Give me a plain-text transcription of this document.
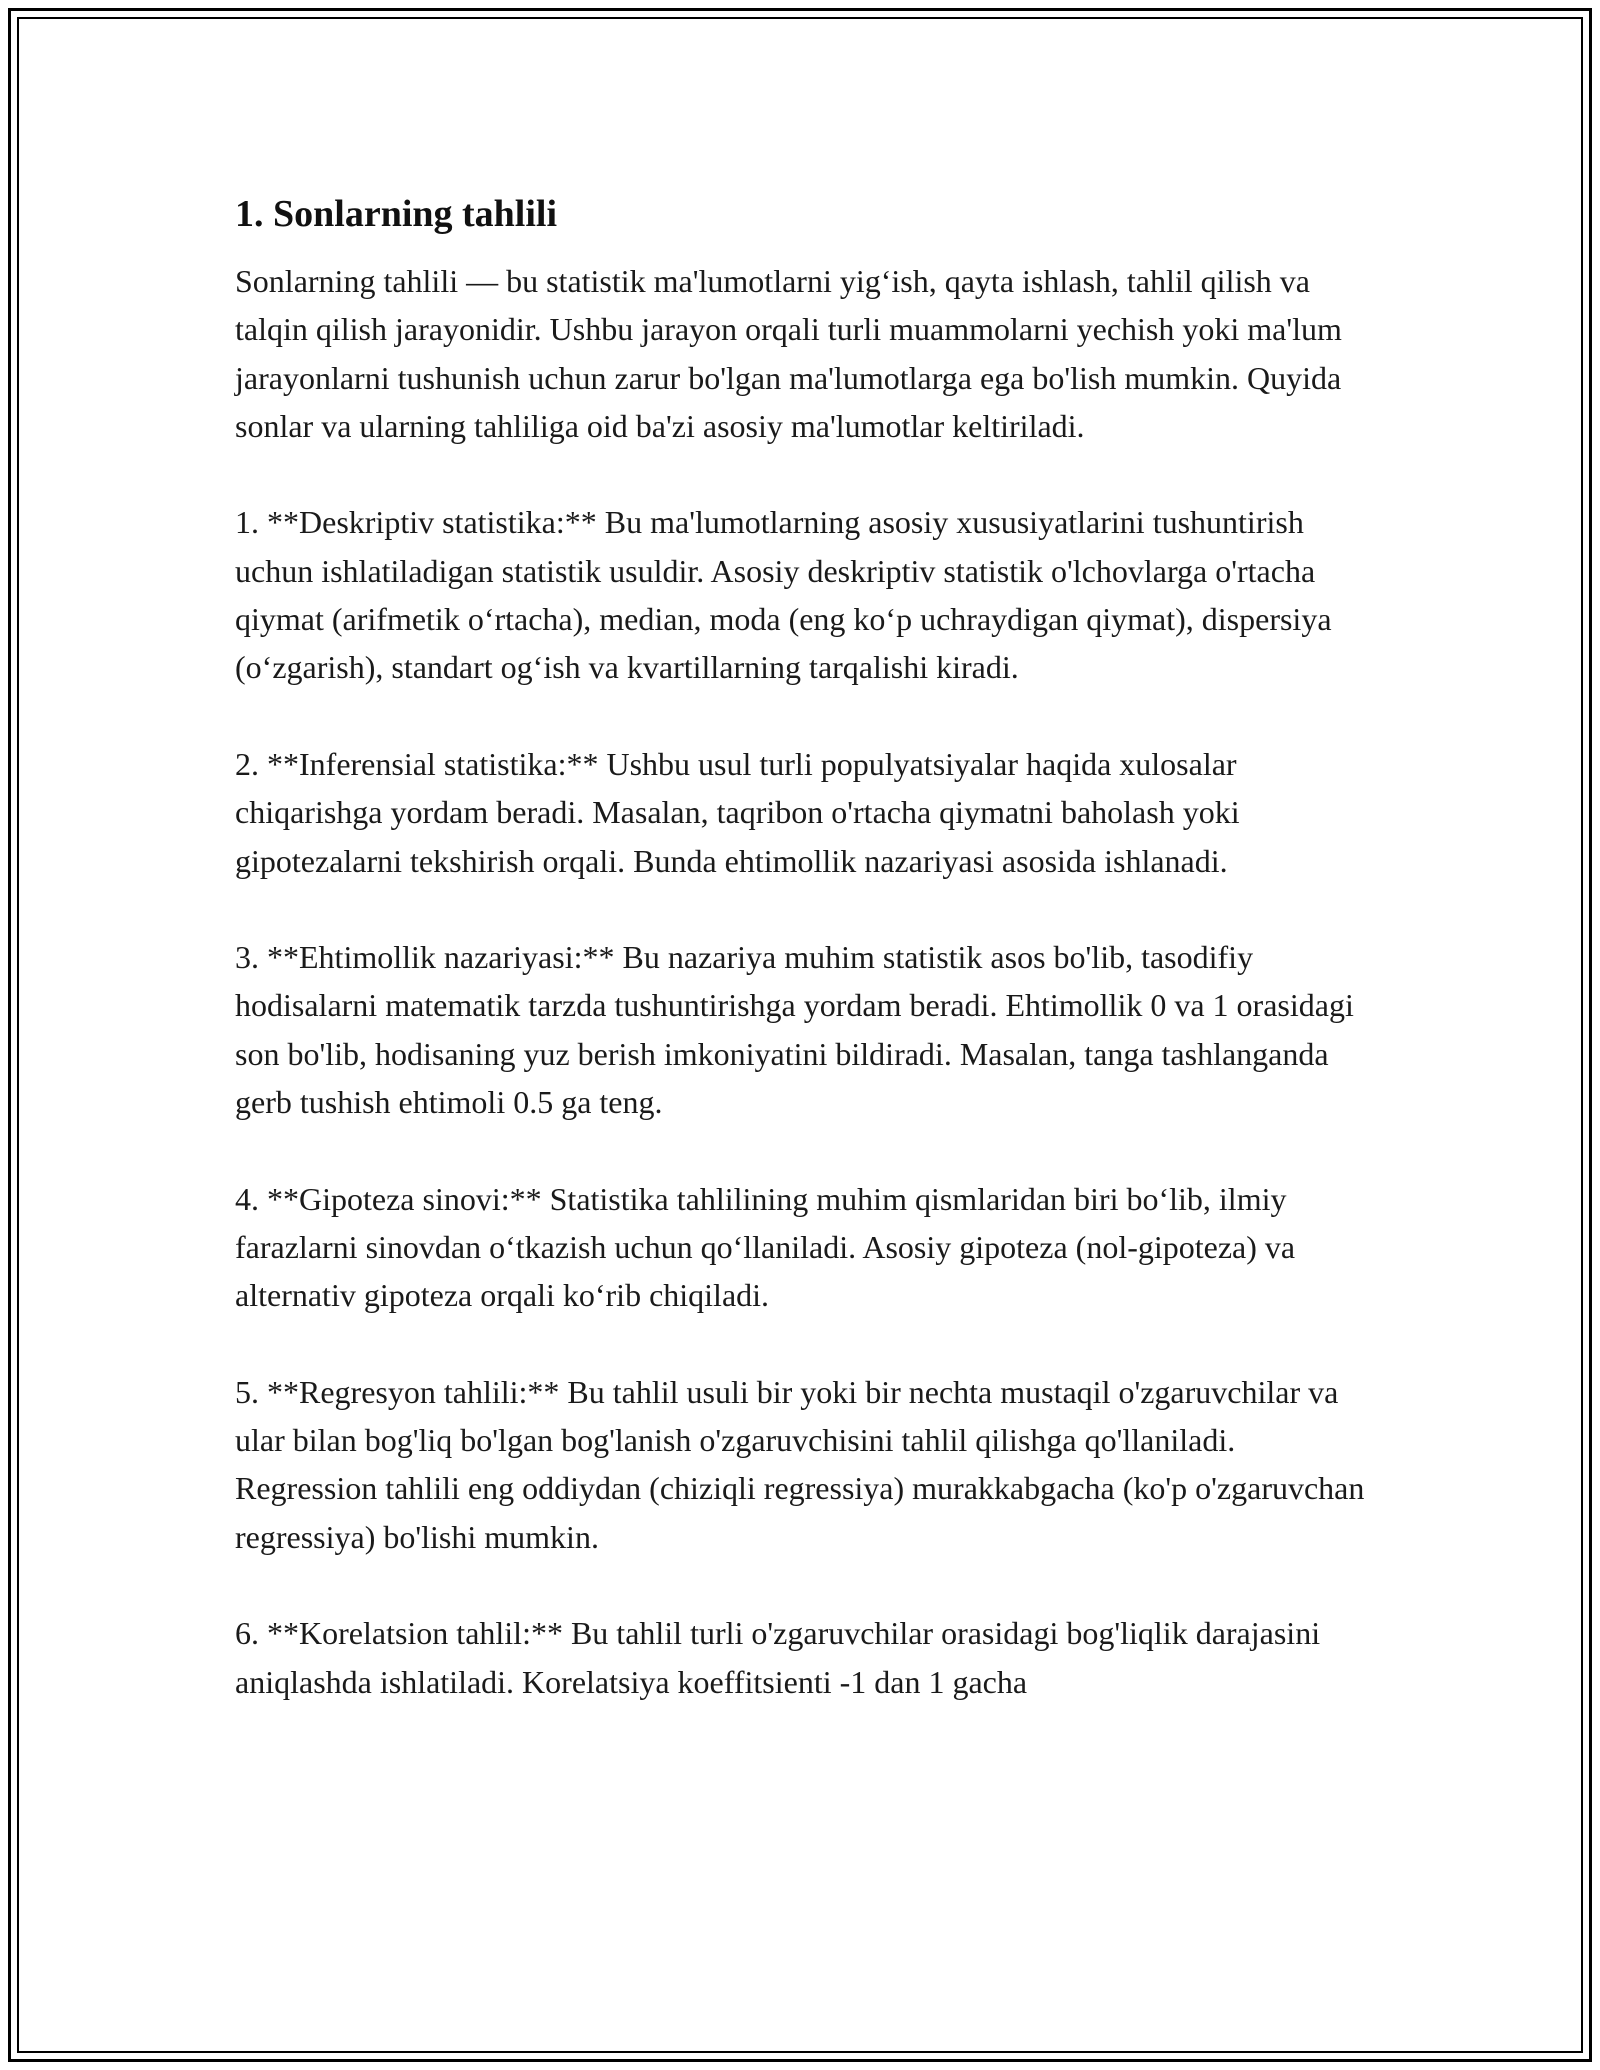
1. Sonlarning tahlili

Sonlarning tahlili — bu statistik ma'lumotlarni yig‘ish, qayta ishlash, tahlil qilish va talqin qilish jarayonidir. Ushbu jarayon orqali turli muammolarni yechish yoki ma'lum jarayonlarni tushunish uchun zarur bo'lgan ma'lumotlarga ega bo'lish mumkin. Quyida sonlar va ularning tahliliga oid ba'zi asosiy ma'lumotlar keltiriladi.

1. **Deskriptiv statistika:** Bu ma'lumotlarning asosiy xususiyatlarini tushuntirish uchun ishlatiladigan statistik usuldir. Asosiy deskriptiv statistik o'lchovlarga o'rtacha qiymat (arifmetik o‘rtacha), median, moda (eng ko‘p uchraydigan qiymat), dispersiya (o‘zgarish), standart og‘ish va kvartillarning tarqalishi kiradi.

2. **Inferensial statistika:** Ushbu usul turli populyatsiyalar haqida xulosalar chiqarishga yordam beradi. Masalan, taqribon o'rtacha qiymatni baholash yoki gipotezalarni tekshirish orqali. Bunda ehtimollik nazariyasi asosida ishlanadi.

3. **Ehtimollik nazariyasi:** Bu nazariya muhim statistik asos bo'lib, tasodifiy hodisalarni matematik tarzda tushuntirishga yordam beradi. Ehtimollik 0 va 1 orasidagi son bo'lib, hodisaning yuz berish imkoniyatini bildiradi. Masalan, tanga tashlanganda gerb tushish ehtimoli 0.5 ga teng.

4. **Gipoteza sinovi:** Statistika tahlilining muhim qismlaridan biri bo‘lib, ilmiy farazlarni sinovdan o‘tkazish uchun qo‘llaniladi. Asosiy gipoteza (nol-gipoteza) va alternativ gipoteza orqali ko‘rib chiqiladi.

5. **Regresyon tahlili:** Bu tahlil usuli bir yoki bir nechta mustaqil o'zgaruvchilar va ular bilan bog'liq bo'lgan bog'lanish o'zgaruvchisini tahlil qilishga qo'llaniladi. Regression tahlili eng oddiydan (chiziqli regressiya) murakkabgacha (ko'p o'zgaruvchan regressiya) bo'lishi mumkin.

6. **Korelatsion tahlil:** Bu tahlil turli o'zgaruvchilar orasidagi bog'liqlik darajasini aniqlashda ishlatiladi. Korelatsiya koeffitsienti -1 dan 1 gacha
